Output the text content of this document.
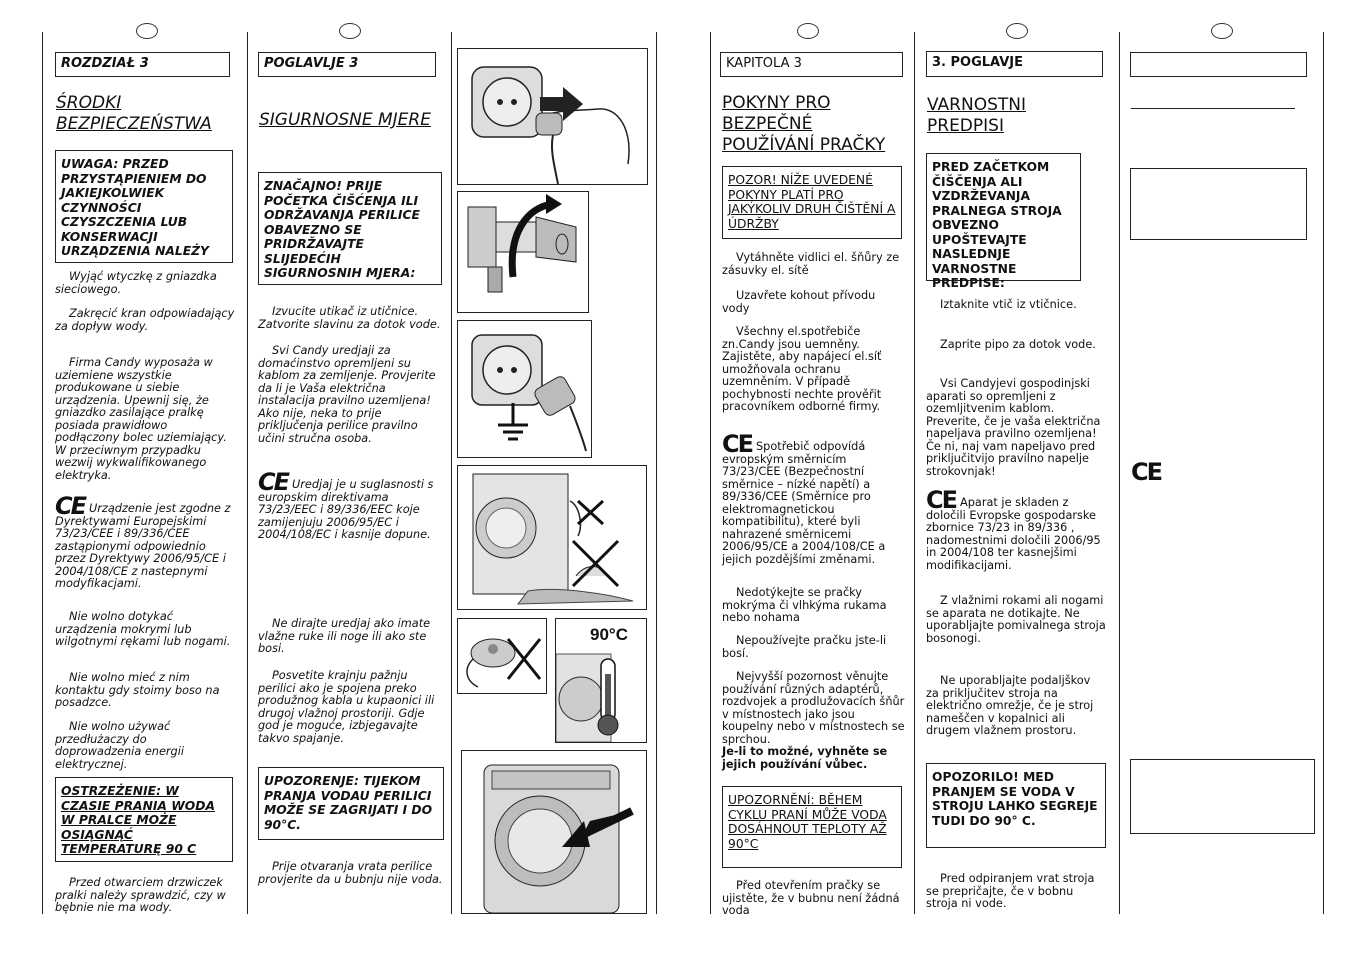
ROZDZIAŁ 3
ŚRODKI BEZPIECZEŃSTWA
UWAGA: PRZED PRZYSTĄPIENIEM DO JAKIEJKOLWIEK CZYNNOŚCI CZYSZCZENIA LUB KONSERWACJI URZĄDZENIA NALEŻY
Wyjąć wtyczkę z gniazdka sieciowego.
Zakręcić kran odpowiadający za dopływ wody.
Firma Candy wyposaża w uziemiene wszystkie produkowane u siebie urządzenia. Upewnij się, że gniazdko zasilające pralkę posiada prawidłowo podłączony bolec uziemiający. W przeciwnym przypadku wezwij wykwalifikowanego elektryka.
CE Urządzenie jest zgodne z Dyrektywami Europejskimi 73/23/CEE i 89/336/CEE zastąpionymi odpowiednio przez Dyrektywy 2006/95/CE i 2004/108/CE z nastepnymi modyfikacjami.
Nie wolno dotykać urządzenia mokrymi lub wilgotnymi rękami lub nogami.
Nie wolno mieć z nim kontaktu gdy stoimy boso na posadzce.
Nie wolno używać przedłużaczy do doprowadzenia energii elektrycznej.
OSTRZEŻENIE: W CZASIE PRANIA WODA W PRALCE MOŻE OSIĄGNĄĆ TEMPERATURĘ 90 C
Przed otwarciem drzwiczek pralki należy sprawdzić, czy w bębnie nie ma wody.
POGLAVLJE 3
SIGURNOSNE MJERE
ZNAČAJNO! PRIJE POČETKA ČIŠĆENJA ILI ODRŽAVANJA PERILICE OBAVEZNO SE PRIDRŽAVAJTE SLIJEDEĆIH SIGURNOSNIH MJERA:
Izvucite utikač iz utičnice. Zatvorite slavinu za dotok vode.
Svi Candy uredjaji za domaćinstvo opremljeni su kablom za zemljenje. Provjerite da li je Vaša električna instalacija pravilno uzemljena! Ako nije, neka to prije priključenja perilice pravilno učini stručna osoba.
CE Uredjaj je u suglasnosti s europskim direktivama 73/23/EEC i 89/336/EEC koje zamijenjuju 2006/95/EC i 2004/108/EC i kasnije dopune.
Ne dirajte uredjaj ako imate vlažne ruke ili noge ili ako ste bosi.
Posvetite krajnju pažnju perilici ako je spojena preko produžnog kabla u kupaonici ili drugoj vlažnoj prostoriji. Gdje god je moguće, izbjegavajte takvo spajanje.
UPOZORENJE: TIJEKOM PRANJA VODAU PERILICI MOŽE SE ZAGRIJATI I DO 90°C.
Prije otvaranja vrata perilice provjerite da u bubnju nije voda.
90°C
KAPITOLA 3
POKYNY PRO BEZPEČNÉ POUŽÍVÁNÍ PRAČKY
POZOR! NÍŽE UVEDENÉ POKYNY PLATÍ PRO JAKÝKOLIV DRUH ČIŠTĚNÍ A ÚDRŽBY
Vytáhněte vidlici el. šňůry ze zásuvky el. sítě
Uzavřete kohout přívodu vody
Všechny el.spotřebiče zn.Candy jsou uemněny. Zajistěte, aby napájecí el.síť umožňovala ochranu uzemněním. V případě pochybnosti nechte prověřit pracovníkem odborné firmy.
CE Spotřebič odpovídá evropským směrnicím 73/23/CEE (Bezpečnostní směrnice – nízké napětí) a 89/336/CEE (Směrnice pro elektromagnetickou kompatibilitu), které byli nahrazené směrnicemi 2006/95/CE a 2004/108/CE a jejich pozdějšími změnami.
Nedotýkejte se pračky mokrýma či vlhkýma rukama nebo nohama
Nepoužívejte pračku jste-li bosí.
Nejvyšší pozornost věnujte používání různých adaptérů, rozdvojek a prodlužovacích šňůr v místnostech jako jsou koupelny nebo v místnostech se sprchou.
Je-li to možné, vyhněte se jejich používání vůbec.
UPOZORNĚNÍ: BĚHEM CYKLU PRANÍ MŮŽE VODA DOSÁHNOUT TEPLOTY AŽ 90°C
Před otevřením pračky se ujistěte, že v bubnu není žádná voda
3. POGLAVJE
VARNOSTNI PREDPISI
PRED ZAČETKOM ČIŠČENJA ALI VZDRŽEVANJA PRALNEGA STROJA OBVEZNO UPOŠTEVAJTE NASLEDNJE VARNOSTNE PREDPISE:
Iztaknite vtič iz vtičnice.
Zaprite pipo za dotok vode.
Vsi Candyjevi gospodinjski aparati so opremljeni z ozemljitvenim kablom. Preverite, če je vaša električna napeljava pravilno ozemljena! Če ni, naj vam napeljavo pred priključitvijo pravilno napelje strokovnjak!
CE Aparat je skladen z določili Evropske gospodarske zbornice 73/23 in 89/336 , nadomestnimi določili 2006/95 in 2004/108 ter kasnejšimi modifikacijami.
Z vlažnimi rokami ali nogami se aparata ne dotikajte. Ne uporabljajte pomivalnega stroja bosonogi.
Ne uporabljajte podaljškov za priključitev stroja na električno omrežje, če je stroj nameščen v kopalnici ali drugem vlažnem prostoru.
OPOZORILO! MED PRANJEM SE VODA V STROJU LAHKO SEGREJE TUDI DO 90° C.
Pred odpiranjem vrat stroja se prepričajte, če v bobnu stroja ni vode.
CE
